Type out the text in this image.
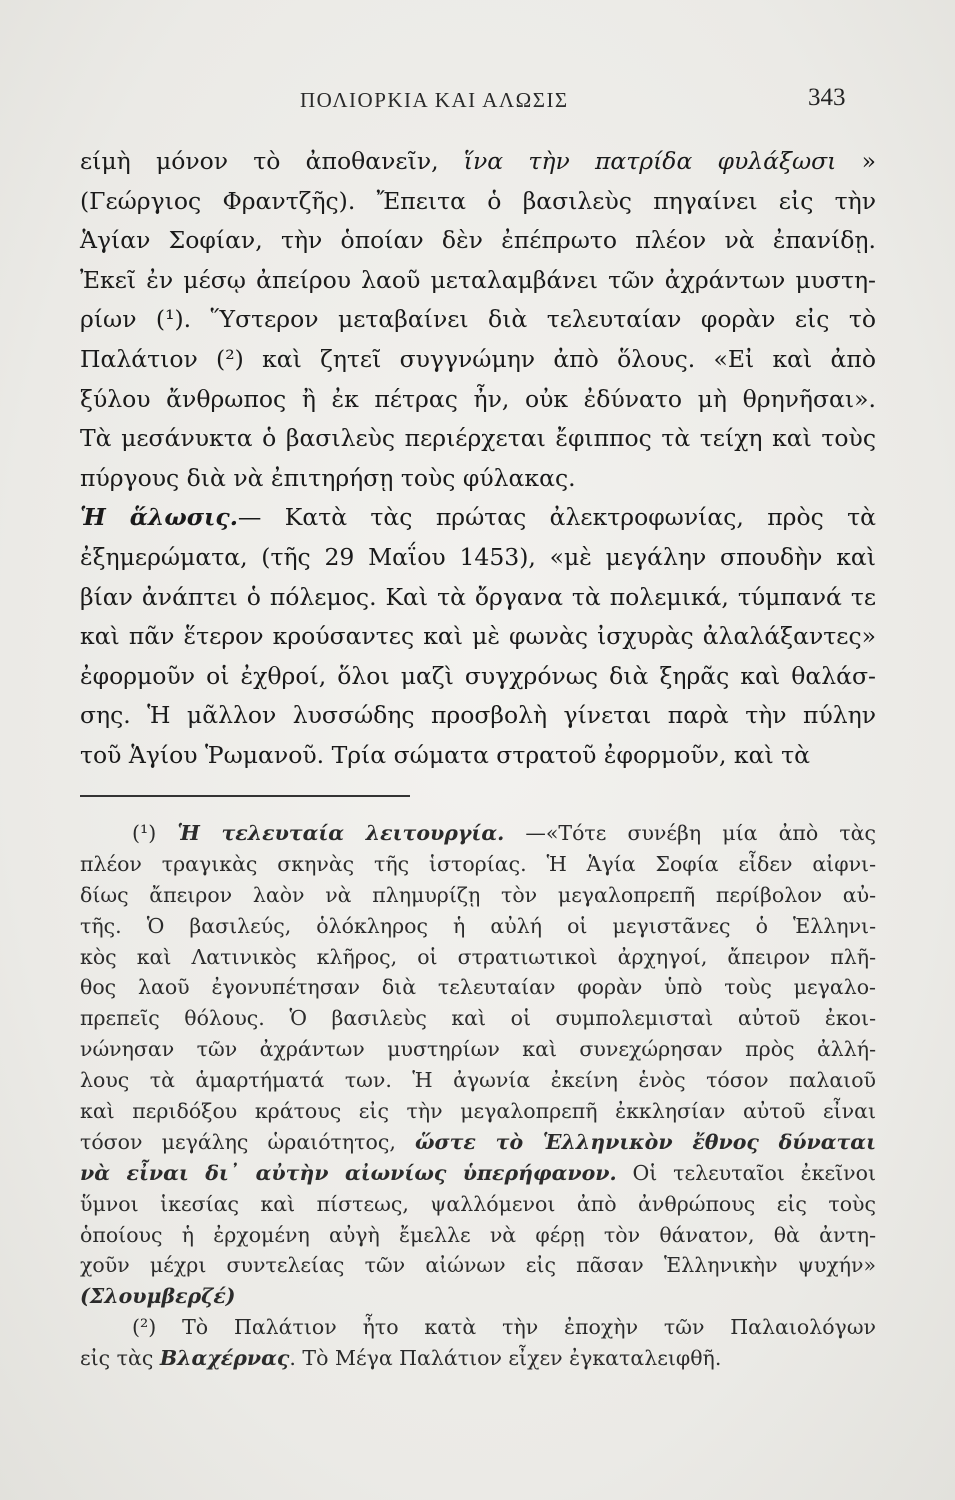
ΠΟΛΙΟΡΚΙΑ ΚΑΙ ΑΛΩΣΙΣ	343
είμὴ μόνον τὸ ἀποθανεῖν, ἵνα τὴν πατρίδα φυλάξωσι »
(Γεώργιος Φραντζῆς). Ἔπειτα ὁ βασιλεὺς πηγαίνει εἰς τὴν
Ἁγίαν Σοφίαν, τὴν ὁποίαν δὲν ἐπέπρωτο πλέον νὰ ἐπανίδῃ.
Ἐκεῖ ἐν μέσῳ ἀπείρου λαοῦ μεταλαμβάνει τῶν ἀχράντων μυστη-
ρίων (¹). Ὕστερον μεταβαίνει διὰ τελευταίαν φορὰν εἰς τὸ
Παλάτιον (²) καὶ ζητεῖ συγγνώμην ἀπὸ ὅλους. «Εἰ καὶ ἀπὸ
ξύλου ἄνθρωπος ἢ ἐκ πέτρας ἦν, οὐκ ἐδύνατο μὴ θρηνῆσαι».
Τὰ μεσάνυκτα ὁ βασιλεὺς περιέρχεται ἔφιππος τὰ τείχη καὶ τοὺς
πύργους διὰ νὰ ἐπιτηρήσῃ τοὺς φύλακας.
Ἡ ἅλωσις.— Κατὰ τὰς πρώτας ἀλεκτροφωνίας, πρὸς τὰ
ἐξημερώματα, (τῆς 29 Μαΐου 1453), «μὲ μεγάλην σπουδὴν καὶ
βίαν ἀνάπτει ὁ πόλεμος. Καὶ τὰ ὄργανα τὰ πολεμικά, τύμπανά τε
καὶ πᾶν ἕτερον κρούσαντες καὶ μὲ φωνὰς ἰσχυρὰς ἀλαλάξαντες»
ἐφορμοῦν οἱ ἐχθροί, ὅλοι μαζὶ συγχρόνως διὰ ξηρᾶς καὶ θαλάσ-
σης. Ἡ μᾶλλον λυσσώδης προσβολὴ γίνεται παρὰ τὴν πύλην
τοῦ Ἁγίου Ῥωμανοῦ. Τρία σώματα στρατοῦ ἐφορμοῦν, καὶ τὰ
(¹) Ἡ τελευταία λειτουργία. —«Τότε συνέβη μία ἀπὸ τὰς
πλέον τραγικὰς σκηνὰς τῆς ἱστορίας. Ἡ Ἁγία Σοφία εἶδεν αἰφνι-
δίως ἄπειρον λαὸν νὰ πλημυρίζῃ τὸν μεγαλοπρεπῆ περίβολον αὐ-
τῆς. Ὁ βασιλεύς, ὁλόκληρος ἡ αὐλή οἱ μεγιστᾶνες ὁ Ἑλληνι-
κὸς καὶ Λατινικὸς κλῆρος, οἱ στρατιωτικοὶ ἀρχηγοί, ἄπειρον πλῆ-
θος λαοῦ ἐγονυπέτησαν διὰ τελευταίαν φορὰν ὑπὸ τοὺς μεγαλο-
πρεπεῖς θόλους. Ὁ βασιλεὺς καὶ οἱ συμπολεμισταὶ αὐτοῦ ἐκοι-
νώνησαν τῶν ἀχράντων μυστηρίων καὶ συνεχώρησαν πρὸς ἀλλή-
λους τὰ ἁμαρτήματά των. Ἡ ἀγωνία ἐκείνη ἑνὸς τόσον παλαιοῦ
καὶ περιδόξου κράτους εἰς τὴν μεγαλοπρεπῆ ἐκκλησίαν αὐτοῦ εἶναι
τόσον μεγάλης ὡραιότητος, ὥστε τὸ Ἑλληνικὸν ἔθνος δύναται
νὰ εἶναι δι᾽ αὐτὴν αἰωνίως ὑπερήφανον. Οἱ τελευταῖοι ἐκεῖνοι
ὕμνοι ἱκεσίας καὶ πίστεως, ψαλλόμενοι ἀπὸ ἀνθρώπους εἰς τοὺς
ὁποίους ἡ ἐρχομένη αὐγὴ ἔμελλε νὰ φέρῃ τὸν θάνατον, θὰ ἀντη-
χοῦν μέχρι συντελείας τῶν αἰώνων εἰς πᾶσαν Ἑλληνικὴν ψυχήν»
(Σλουμβερζέ)
(²) Τὸ Παλάτιον ἦτο κατὰ τὴν ἐποχὴν τῶν Παλαιολόγων
εἰς τὰς Βλαχέρνας. Τὸ Μέγα Παλάτιον εἶχεν ἐγκαταλειφθῆ.
